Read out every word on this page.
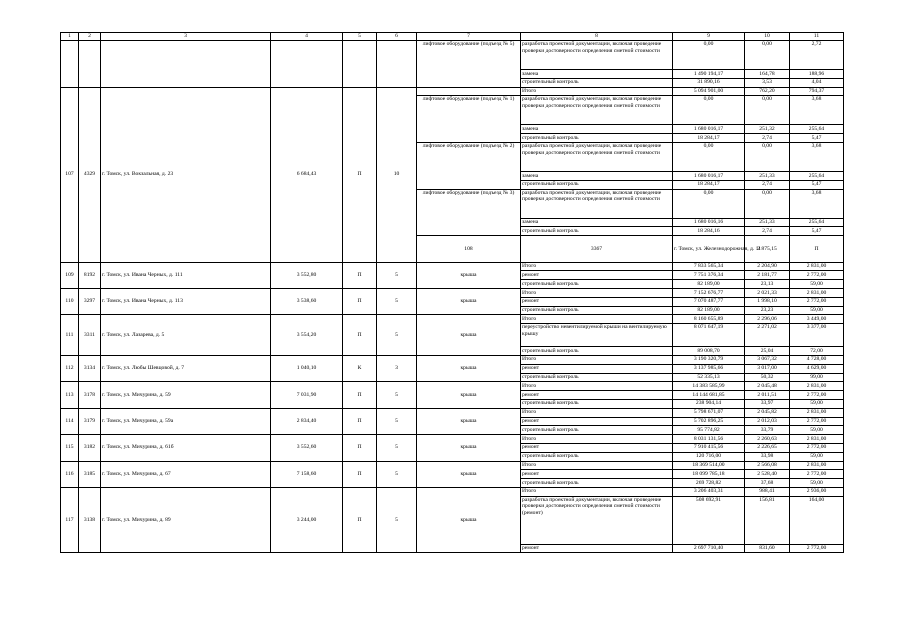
1	2	3	4	5	6	7	8	9	10	11	
						лифтовое оборудование (подъезд № 5)	разработка проектной документации, включая проведение проверки достоверности определения сметной стоимости	0,00	0,00	2,72	
							замена	1 490 194,17	164,78	188,96	
							строительный контроль	31 890,16	3,53	4,04	
107	4329	г. Томск, ул. Вокзальная, д. 23	6 684,43	П	10		Итого	5 094 901,00	762,20	794,37	
						лифтовое оборудование (подъезд № 1)	разработка проектной документации, включая проведение проверки достоверности определения сметной стоимости	0,00	0,00	3,68	
							замена	1 680 016,17	251,32	255,64	
							строительный контроль	18 284,17	2,74	5,47	
						лифтовое оборудование (подъезд № 2)	разработка проектной документации, включая проведение проверки достоверности определения сметной стоимости	0,00	0,00	3,68	
							замена	1 680 016,17	251,33	255,64	
							строительный контроль	18 284,17	2,74	5,47	
						лифтовое оборудование (подъезд № 3)	разработка проектной документации, включая проведение проверки достоверности определения сметной стоимости	0,00	0,00	3,68	
							замена	1 680 016,16	251,33	255,64	
							строительный контроль	18 284,16	2,74	5,47	
						108	3367	г. Томск, ул. Железнодорожная, д. 11	2 875,15	П						

109	8192	г. Томск, ул. Ивана Черных, д. 111	3 552,80	П	5	крыша	Итого	7 833 565,34	2 204,90	2 831,00	
							ремонт	7 751 376,34	2 181,77	2 772,00	
							строительный контроль	82 189,00	23,13	59,00	
110	3297	г. Томск, ул. Ивана Черных, д. 113	3 538,60	П	5	крыша	Итого	7 152 676,77	2 021,33	2 831,00	
							ремонт	7 070 487,77	1 998,10	2 772,00	
							строительный контроль	82 189,00	23,23	59,00	
111	3311	г. Томск, ул. Лазарева, д. 5	3 554,20	П	5	крыша	Итого	8 160 655,89	2 296,06	3 449,00	
							переустройство невентилируемой крыши на вентилируемую крышу	8 071 647,19	2 271,02	3 377,00	
							строительный контроль	89 008,70	25,04	72,00	
112	3134	г. Томск, ул. Любы Шевцовой, д. 7	1 040,10	К	3	крыша	Итого	3 190 320,79	3 067,32	4 728,00	
							ремонт	3 137 985,66	3 017,00	4 629,00	
							строительный контроль	52 335,13	50,32	99,00	
113	3178	г. Томск, ул. Мичурина, д. 59	7 031,90	П	5	крыша	Итого	14 383 585,99	2 045,48	2 831,00	
							ремонт	14 144 681,85	2 011,51	2 772,00	
							строительный контроль	238 904,14	33,97	59,00	
114	3179	г. Томск, ул. Мичурина, д. 59а	2 834,40	П	5	крыша	Итого	5 798 671,07	2 045,82	2 831,00	
							ремонт	5 702 896,25	2 012,03	2 772,00	
							строительный контроль	95 774,82	33,79	59,00	
115	3182	г. Томск, ул. Мичурина, д. 61б	3 552,60	П	5	крыша	Итого	8 031 131,56	2 260,63	2 831,00	
							ремонт	7 910 415,56	2 226,65	2 772,00	
							строительный контроль	120 716,00	33,98	59,00	
116	3185	г. Томск, ул. Мичурина, д. 67	7 158,60	П	5	крыша	Итого	18 369 514,00	2 566,08	2 831,00	
							ремонт	18 099 785,18	2 528,40	2 772,00	
							строительный контроль	269 728,82	37,68	59,00	
117	3138	г. Томск, ул. Мичурина, д. 89	3 244,00	П	5	крыша	Итого	3 206 403,31	988,41	2 936,00	
							разработка проектной документации, включая проведение проверки достоверности определения сметной стоимости (ремонт)	508 692,91	156,81	164,00	
							ремонт	2 697 710,40	831,60	2 772,00	
